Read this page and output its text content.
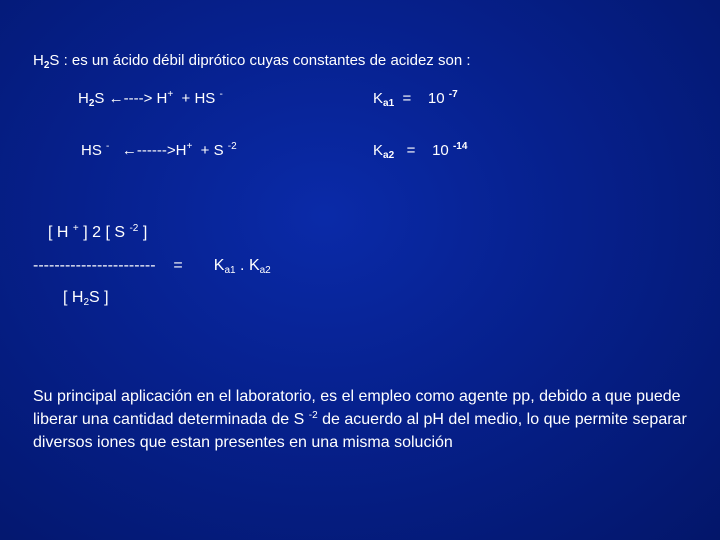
$H_2S$ : es un ácido débil diprótico cuyas constantes de acidez son :
$H_2S$ ←----> H+ + HS -	$K_{a1} = 10$ $^{-7}$
HS - ←------>H+ + S $^{-2}$	$K_{a2} = 10$ $^{-14}$
[ H + ] 2 [ S $^{-2}$ ]
----------------------- = $K_{a1}$ . $K_{a2}$
[ $H_2S$ ]
Su principal aplicación en el laboratorio, es el empleo como agente pp, debido a que puede liberar una cantidad determinada de S $^{-2}$ de acuerdo al pH del medio, lo que permite separar diversos iones que estan presentes en una misma solución
